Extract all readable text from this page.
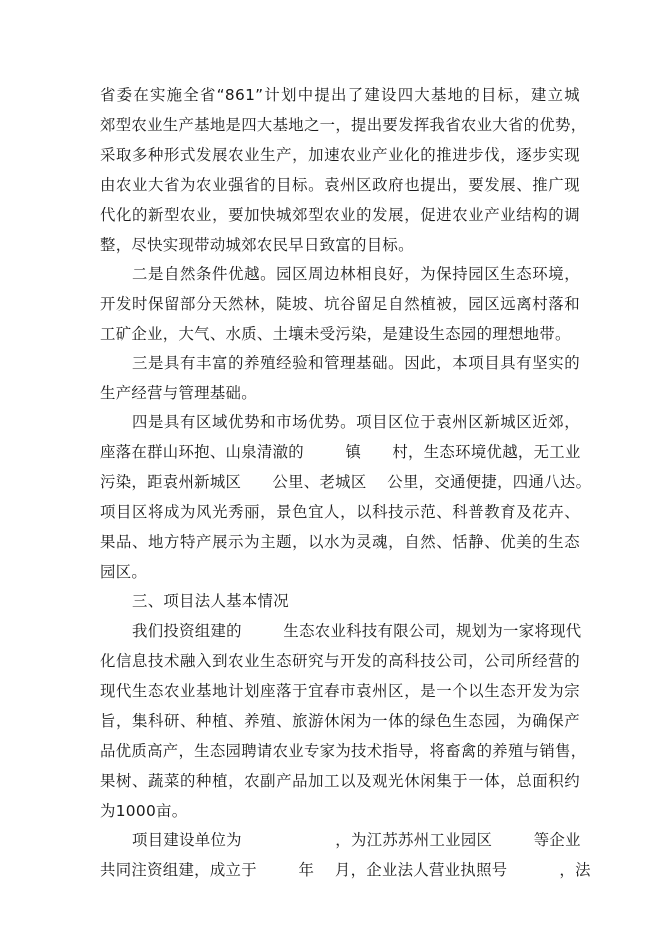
省委在实施全省“861”计划中提出了建设四大基地的目标，建立城
郊型农业生产基地是四大基地之一，提出要发挥我省农业大省的优势，
采取多种形式发展农业生产，加速农业产业化的推进步伐，逐步实现
由农业大省为农业强省的目标。袁州区政府也提出，要发展、推广现
代化的新型农业，要加快城郊型农业的发展，促进农业产业结构的调
整，尽快实现带动城郊农民早日致富的目标。
二是自然条件优越。园区周边林相良好，为保持园区生态环境，
开发时保留部分天然林，陡坡、坑谷留足自然植被，园区远离村落和
工矿企业，大气、水质、土壤未受污染，是建设生态园的理想地带。
三是具有丰富的养殖经验和管理基础。因此，本项目具有坚实的
生产经营与管理基础。
四是具有区域优势和市场优势。项目区位于袁州区新城区近郊，
座落在群山环抱、山泉清澈的        镇      村，生态环境优越，无工业
污染，距袁州新城区      公里、老城区    公里，交通便捷，四通八达。
项目区将成为风光秀丽，景色宜人，以科技示范、科普教育及花卉、
果品、地方特产展示为主题，以水为灵魂，自然、恬静、优美的生态
园区。
三、项目法人基本情况
我们投资组建的        生态农业科技有限公司，规划为一家将现代
化信息技术融入到农业生态研究与开发的高科技公司，公司所经营的
现代生态农业基地计划座落于宜春市袁州区，是一个以生态开发为宗
旨，集科研、种植、养殖、旅游休闲为一体的绿色生态园，为确保产
品优质高产，生态园聘请农业专家为技术指导，将畜禽的养殖与销售，
果树、蔬菜的种植，农副产品加工以及观光休闲集于一体，总面积约
为1000亩。
项目建设单位为                  ，为江苏苏州工业园区        等企业
共同注资组建，成立于        年    月，企业法人营业执照号          ，法
